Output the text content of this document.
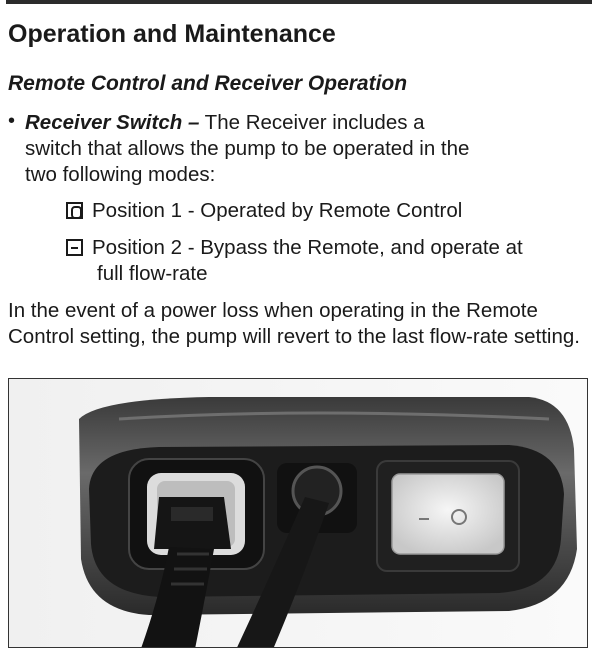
Operation and Maintenance
Remote Control and Receiver Operation
• Receiver Switch – The Receiver includes a switch that allows the pump to be operated in the two following modes:
Position 1 - Operated by Remote Control
Position 2 - Bypass the Remote, and operate at
full flow-rate
In the event of a power loss when operating in the Remote Control setting, the pump will revert to the last flow-rate setting.
